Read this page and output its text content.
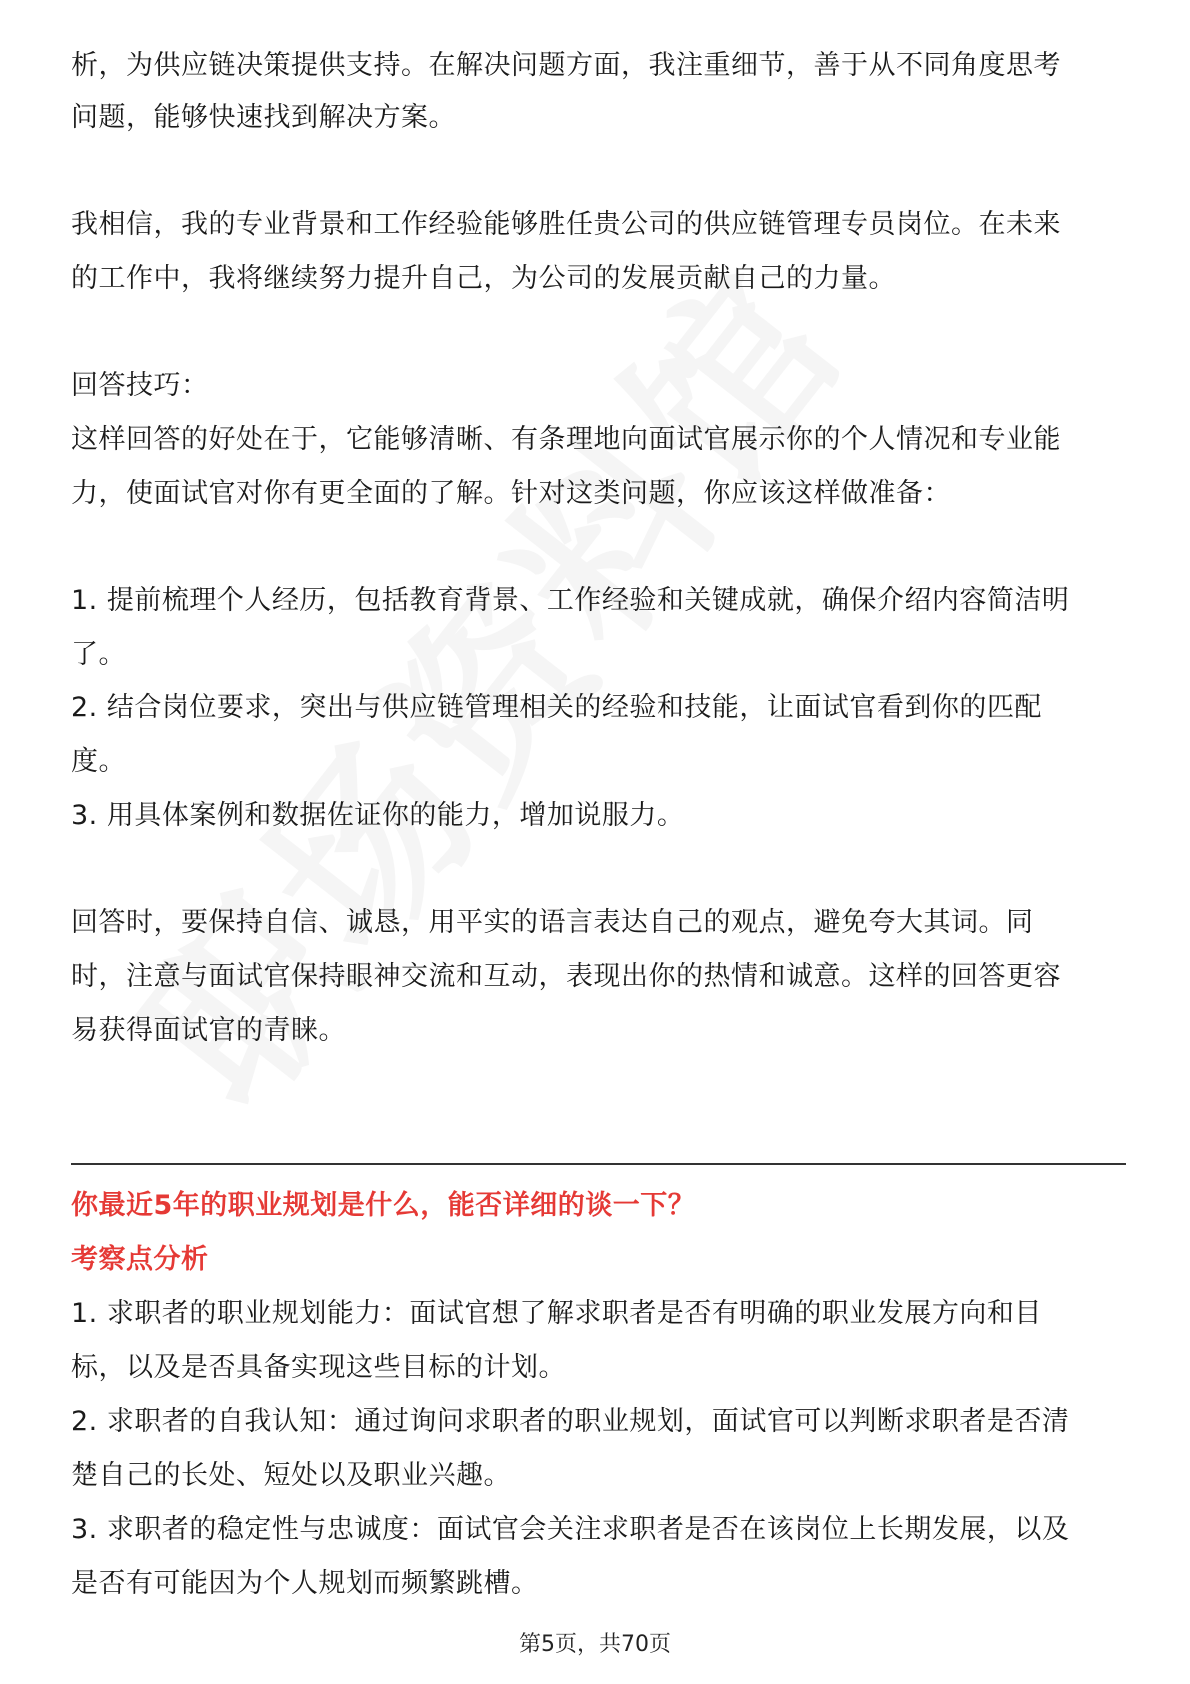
析，为供应链决策提供支持。在解决问题方面，我注重细节，善于从不同角度思考

问题，能够快速找到解决方案。

我相信，我的专业背景和工作经验能够胜任贵公司的供应链管理专员岗位。在未来

的工作中，我将继续努力提升自己，为公司的发展贡献自己的力量。

回答技巧：

这样回答的好处在于，它能够清晰、有条理地向面试官展示你的个人情况和专业能

力，使面试官对你有更全面的了解。针对这类问题，你应该这样做准备：

1. 提前梳理个人经历，包括教育背景、工作经验和关键成就，确保介绍内容简洁明

了。

2. 结合岗位要求，突出与供应链管理相关的经验和技能，让面试官看到你的匹配

度。

3. 用具体案例和数据佐证你的能力，增加说服力。

回答时，要保持自信、诚恳，用平实的语言表达自己的观点，避免夸大其词。同

时，注意与面试官保持眼神交流和互动，表现出你的热情和诚意。这样的回答更容

易获得面试官的青睐。

你最近5年的职业规划是什么，能否详细的谈一下？

考察点分析

1. 求职者的职业规划能力：面试官想了解求职者是否有明确的职业发展方向和目

标，以及是否具备实现这些目标的计划。

2. 求职者的自我认知：通过询问求职者的职业规划，面试官可以判断求职者是否清

楚自己的长处、短处以及职业兴趣。

3. 求职者的稳定性与忠诚度：面试官会关注求职者是否在该岗位上长期发展，以及

是否有可能因为个人规划而频繁跳槽。

第5页，共70页
